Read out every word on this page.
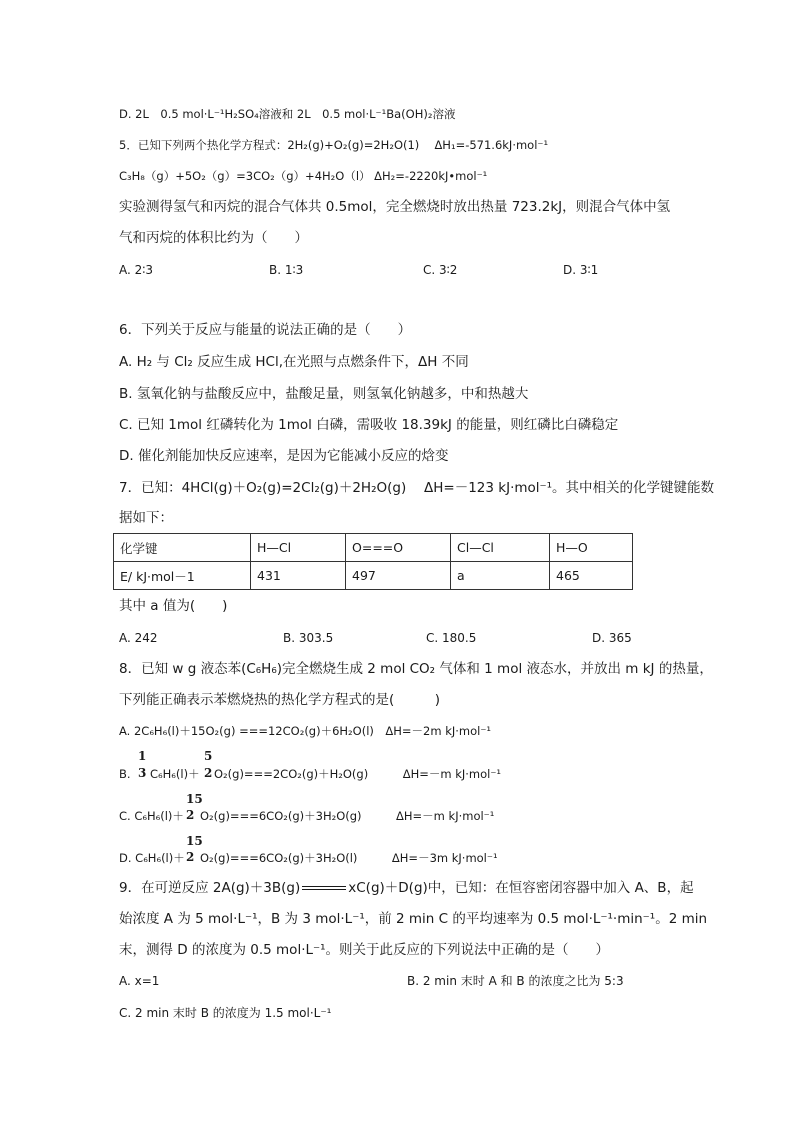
D. 2L　0.5 mol·L⁻¹H₂SO₄溶液和 2L　0.5 mol·L⁻¹Ba(OH)₂溶液
5．已知下列两个热化学方程式：2H₂(g)+O₂(g)=2H₂O(1)　 ΔH₁=-571.6kJ·mol⁻¹
C₃H₈（g）+5O₂（g）=3CO₂（g）+4H₂O（l） ΔH₂=-2220kJ•mol⁻¹
实验测得氢气和丙烷的混合气体共 0.5mol，完全燃烧时放出热量 723.2kJ，则混合气体中氢
气和丙烷的体积比约为（　　）
A. 2∶3	B. 1∶3	C. 3∶2	D. 3∶1
6．下列关于反应与能量的说法正确的是（　　）
A. H₂ 与 Cl₂ 反应生成 HCl,在光照与点燃条件下，ΔH 不同
B. 氢氧化钠与盐酸反应中，盐酸足量，则氢氧化钠越多，中和热越大
C. 已知 1mol 红磷转化为 1mol 白磷，需吸收 18.39kJ 的能量，则红磷比白磷稳定
D. 催化剂能加快反应速率，是因为它能减小反应的焓变
7．已知：4HCl(g)＋O₂(g)=2Cl₂(g)＋2H₂O(g)　 ΔH=－123 kJ·mol⁻¹。其中相关的化学键键能数
据如下：
化学键	H—Cl	O===O	Cl—Cl	H—O
E/ kJ·mol－1	431	497	a	465
其中 a 值为(　　)
A. 242	B. 303.5	C. 180.5	D. 365
8．已知 w g 液态苯(C₆H₆)完全燃烧生成 2 mol CO₂ 气体和 1 mol 液态水，并放出 m kJ 的热量，
下列能正确表示苯燃烧热的热化学方程式的是(　　　)
A. 2C₆H₆(l)＋15O₂(g) ===12CO₂(g)＋6H₂O(l)　ΔH=－2m kJ·mol⁻¹
B.
1
3 C₆H₆(l)＋
5
2 O₂(g)===2CO₂(g)＋H₂O(g)　　　ΔH=－m kJ·mol⁻¹
C. C₆H₆(l)＋
15
2 O₂(g)===6CO₂(g)＋3H₂O(g)　　　ΔH=－m kJ·mol⁻¹
D. C₆H₆(l)＋
15
2 O₂(g)===6CO₂(g)＋3H₂O(l)　　　ΔH=－3m kJ·mol⁻¹
9．在可逆反应 2A(g)＋3B(g)	xC(g)＋D(g)中，已知：在恒容密闭容器中加入 A、B，起
始浓度 A 为 5 mol·L⁻¹，B 为 3 mol·L⁻¹，前 2 min C 的平均速率为 0.5 mol·L⁻¹·min⁻¹。2 min
末，测得 D 的浓度为 0.5 mol·L⁻¹。则关于此反应的下列说法中正确的是（　　）
A. x=1	B. 2 min 末时 A 和 B 的浓度之比为 5:3
C. 2 min 末时 B 的浓度为 1.5 mol·L⁻¹
